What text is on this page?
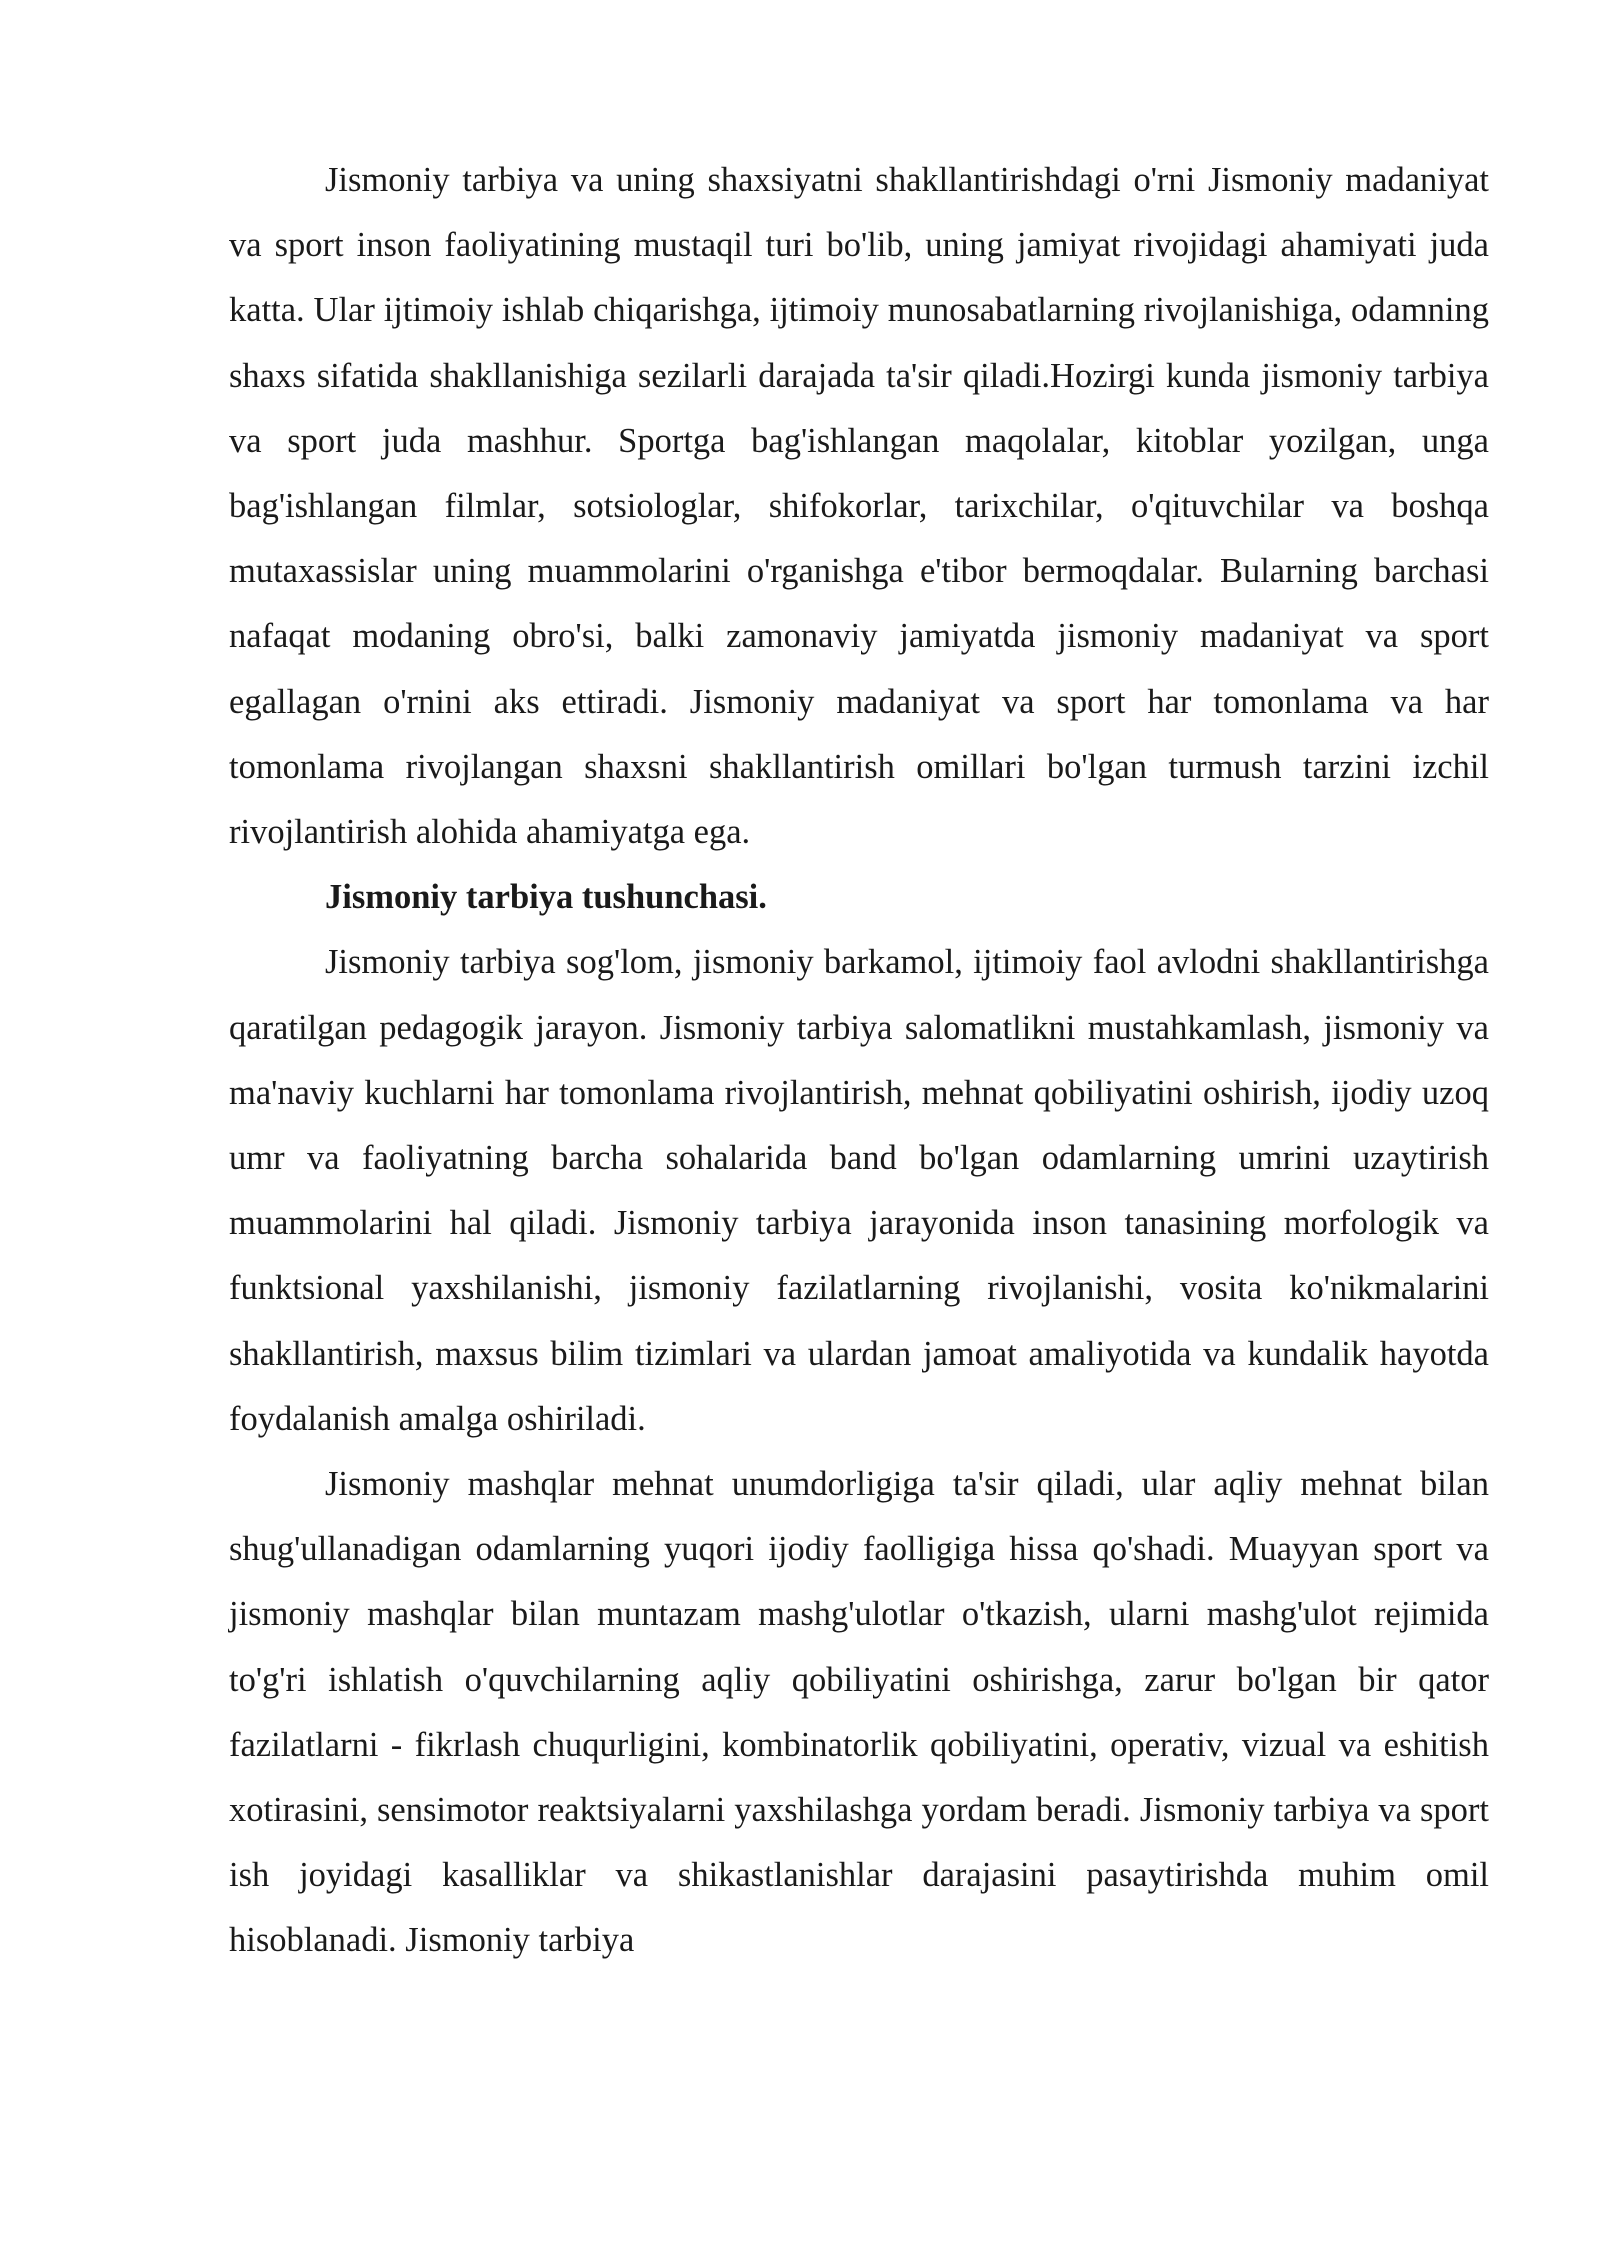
Jismoniy tarbiya va uning shaxsiyatni shakllantirishdagi o'rni Jismoniy madaniyat va sport inson faoliyatining mustaqil turi bo'lib, uning jamiyat rivojidagi ahamiyati juda katta. Ular ijtimoiy ishlab chiqarishga, ijtimoiy munosabatlarning rivojlanishiga, odamning shaxs sifatida shakllanishiga sezilarli darajada ta'sir qiladi.Hozirgi kunda jismoniy tarbiya va sport juda mashhur. Sportga bag'ishlangan maqolalar, kitoblar yozilgan, unga bag'ishlangan filmlar, sotsiologlar, shifokorlar, tarixchilar, o'qituvchilar va boshqa mutaxassislar uning muammolarini o'rganishga e'tibor bermoqdalar. Bularning barchasi nafaqat modaning obro'si, balki zamonaviy jamiyatda jismoniy madaniyat va sport egallagan o'rnini aks ettiradi. Jismoniy madaniyat va sport har tomonlama va har tomonlama rivojlangan shaxsni shakllantirish omillari bo'lgan turmush tarzini izchil rivojlantirish alohida ahamiyatga ega.

Jismoniy tarbiya tushunchasi.

Jismoniy tarbiya sog'lom, jismoniy barkamol, ijtimoiy faol avlodni shakllantirishga qaratilgan pedagogik jarayon. Jismoniy tarbiya salomatlikni mustahkamlash, jismoniy va ma'naviy kuchlarni har tomonlama rivojlantirish, mehnat qobiliyatini oshirish, ijodiy uzoq umr va faoliyatning barcha sohalarida band bo'lgan odamlarning umrini uzaytirish muammolarini hal qiladi. Jismoniy tarbiya jarayonida inson tanasining morfologik va funktsional yaxshilanishi, jismoniy fazilatlarning rivojlanishi, vosita ko'nikmalarini shakllantirish, maxsus bilim tizimlari va ulardan jamoat amaliyotida va kundalik hayotda foydalanish amalga oshiriladi.

Jismoniy mashqlar mehnat unumdorligiga ta'sir qiladi, ular aqliy mehnat bilan shug'ullanadigan odamlarning yuqori ijodiy faolligiga hissa qo'shadi. Muayyan sport va jismoniy mashqlar bilan muntazam mashg'ulotlar o'tkazish, ularni mashg'ulot rejimida to'g'ri ishlatish o'quvchilarning aqliy qobiliyatini oshirishga, zarur bo'lgan bir qator fazilatlarni - fikrlash chuqurligini, kombinatorlik qobiliyatini, operativ, vizual va eshitish xotirasini, sensimotor reaktsiyalarni yaxshilashga yordam beradi. Jismoniy tarbiya va sport ish joyidagi kasalliklar va shikastlanishlar darajasini pasaytirishda muhim omil hisoblanadi. Jismoniy tarbiya
